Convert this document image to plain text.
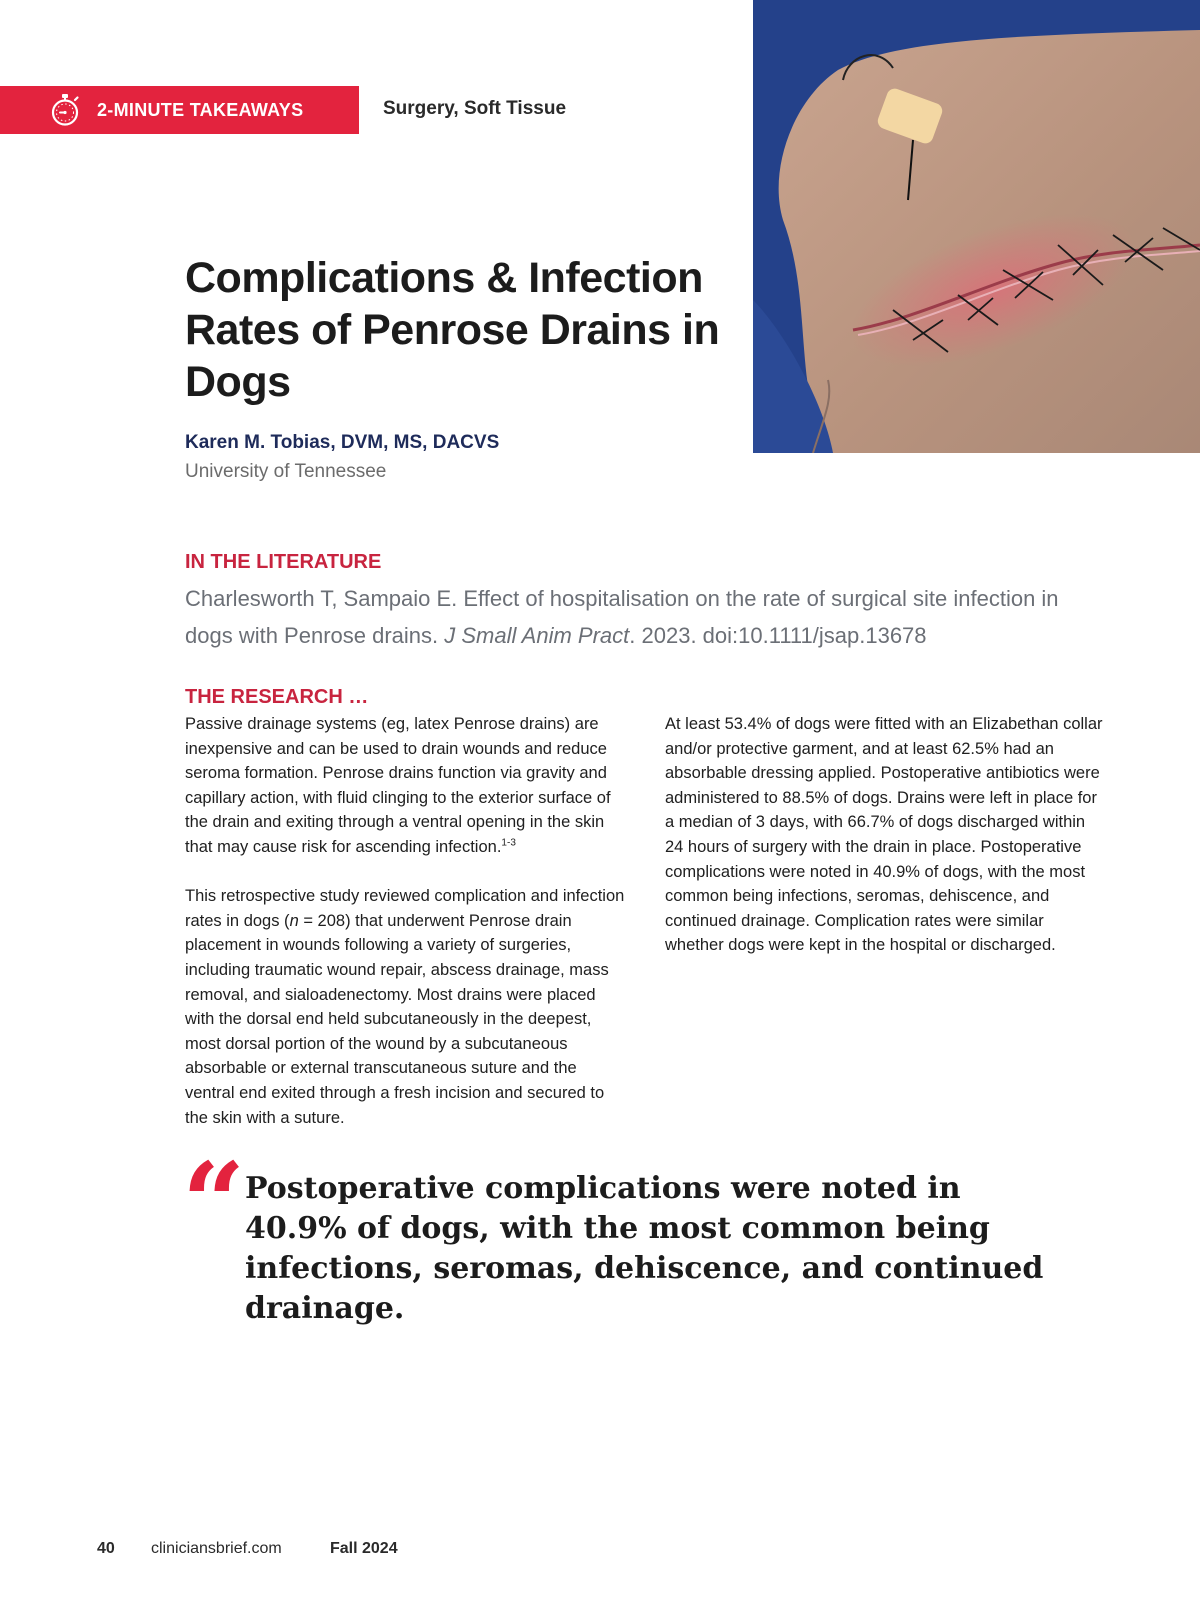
2-MINUTE TAKEAWAYS	Surgery, Soft Tissue
Complications & Infection Rates of Penrose Drains in Dogs
Karen M. Tobias, DVM, MS, DACVS
University of Tennessee
IN THE LITERATURE
Charlesworth T, Sampaio E. Effect of hospitalisation on the rate of surgical site infection in dogs with Penrose drains. J Small Anim Pract. 2023. doi:10.1111/jsap.13678
THE RESEARCH …

Passive drainage systems (eg, latex Penrose drains) are inexpensive and can be used to drain wounds and reduce seroma formation. Penrose drains function via gravity and capillary action, with fluid clinging to the exterior surface of the drain and exiting through a ventral opening in the skin that may cause risk for ascending infection.$^{1-3}$

This retrospective study reviewed complication and infection rates in dogs (n = 208) that underwent Penrose drain placement in wounds following a variety of surgeries, including traumatic wound repair, abscess drainage, mass removal, and sialoadenectomy. Most drains were placed with the dorsal end held subcutaneously in the deepest, most dorsal portion of the wound by a subcutaneous absorbable or external transcutaneous suture and the ventral end exited through a fresh incision and secured to the skin with a suture.

At least 53.4% of dogs were fitted with an Elizabethan collar and/or protective garment, and at least 62.5% had an absorbable dressing applied. Postoperative antibiotics were administered to 88.5% of dogs. Drains were left in place for a median of 3 days, with 66.7% of dogs discharged within 24 hours of surgery with the drain in place. Postoperative complications were noted in 40.9% of dogs, with the most common being infections, seromas, dehiscence, and continued drainage. Complication rates were similar whether dogs were kept in the hospital or discharged.

“ Postoperative complications were noted in 40.9% of dogs, with the most common being infections, seromas, dehiscence, and continued drainage.
40 cliniciansbrief.com	Fall 2024
